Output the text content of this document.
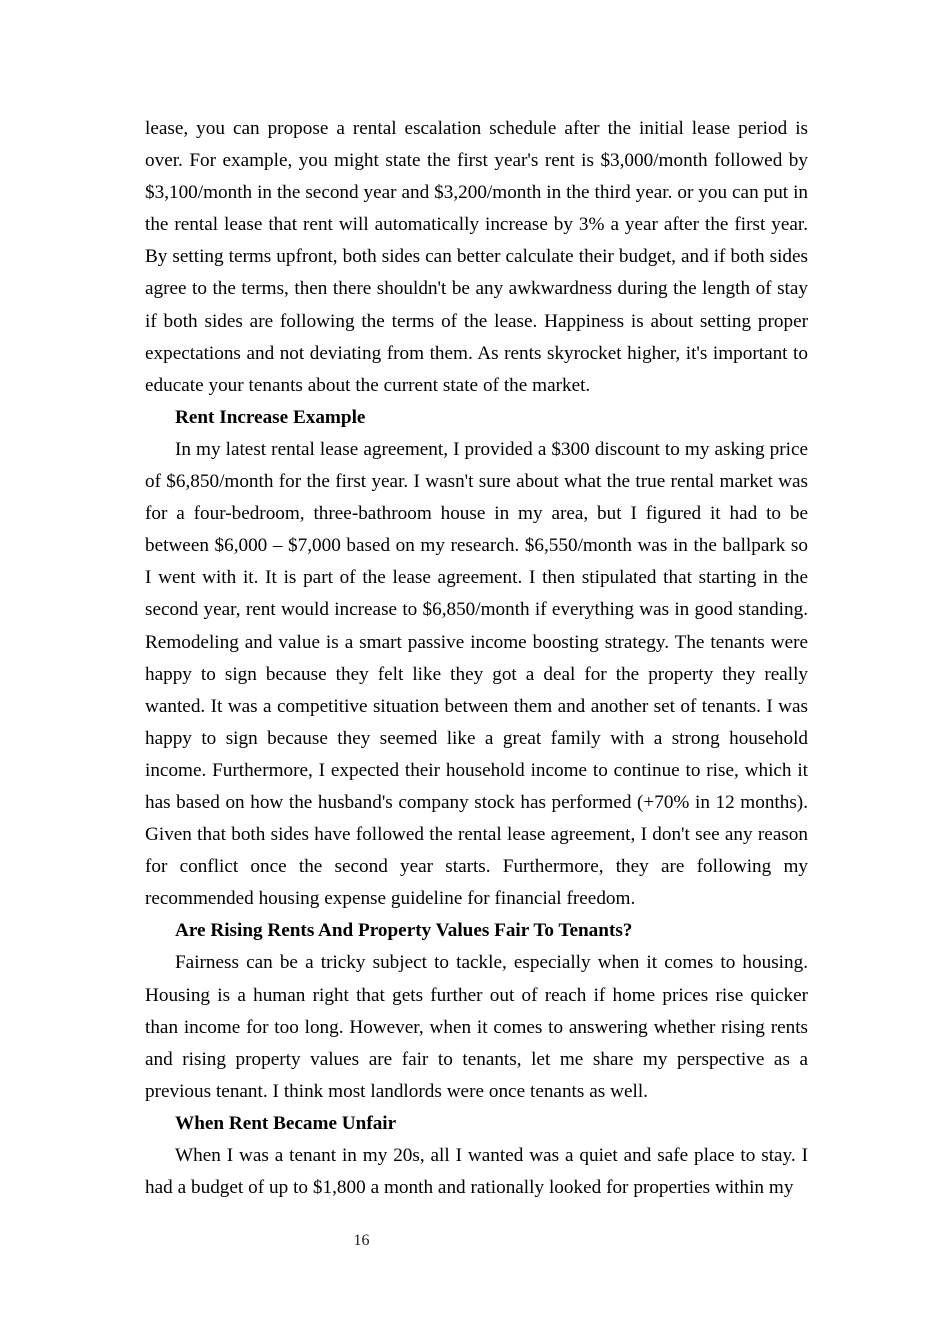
lease, you can propose a rental escalation schedule after the initial lease period is over. For example, you might state the first year's rent is $3,000/month followed by $3,100/month in the second year and $3,200/month in the third year. or you can put in the rental lease that rent will automatically increase by 3% a year after the first year. By setting terms upfront, both sides can better calculate their budget, and if both sides agree to the terms, then there shouldn't be any awkwardness during the length of stay if both sides are following the terms of the lease. Happiness is about setting proper expectations and not deviating from them. As rents skyrocket higher, it's important to educate your tenants about the current state of the market.

Rent Increase Example

In my latest rental lease agreement, I provided a $300 discount to my asking price of $6,850/month for the first year. I wasn't sure about what the true rental market was for a four-bedroom, three-bathroom house in my area, but I figured it had to be between $6,000 – $7,000 based on my research. $6,550/month was in the ballpark so I went with it. It is part of the lease agreement. I then stipulated that starting in the second year, rent would increase to $6,850/month if everything was in good standing. Remodeling and value is a smart passive income boosting strategy. The tenants were happy to sign because they felt like they got a deal for the property they really wanted. It was a competitive situation between them and another set of tenants. I was happy to sign because they seemed like a great family with a strong household income. Furthermore, I expected their household income to continue to rise, which it has based on how the husband's company stock has performed (+70% in 12 months). Given that both sides have followed the rental lease agreement, I don't see any reason for conflict once the second year starts. Furthermore, they are following my recommended housing expense guideline for financial freedom.

Are Rising Rents And Property Values Fair To Tenants?

Fairness can be a tricky subject to tackle, especially when it comes to housing. Housing is a human right that gets further out of reach if home prices rise quicker than income for too long. However, when it comes to answering whether rising rents and rising property values are fair to tenants, let me share my perspective as a previous tenant. I think most landlords were once tenants as well.

When Rent Became Unfair

When I was a tenant in my 20s, all I wanted was a quiet and safe place to stay. I had a budget of up to $1,800 a month and rationally looked for properties within my

16
